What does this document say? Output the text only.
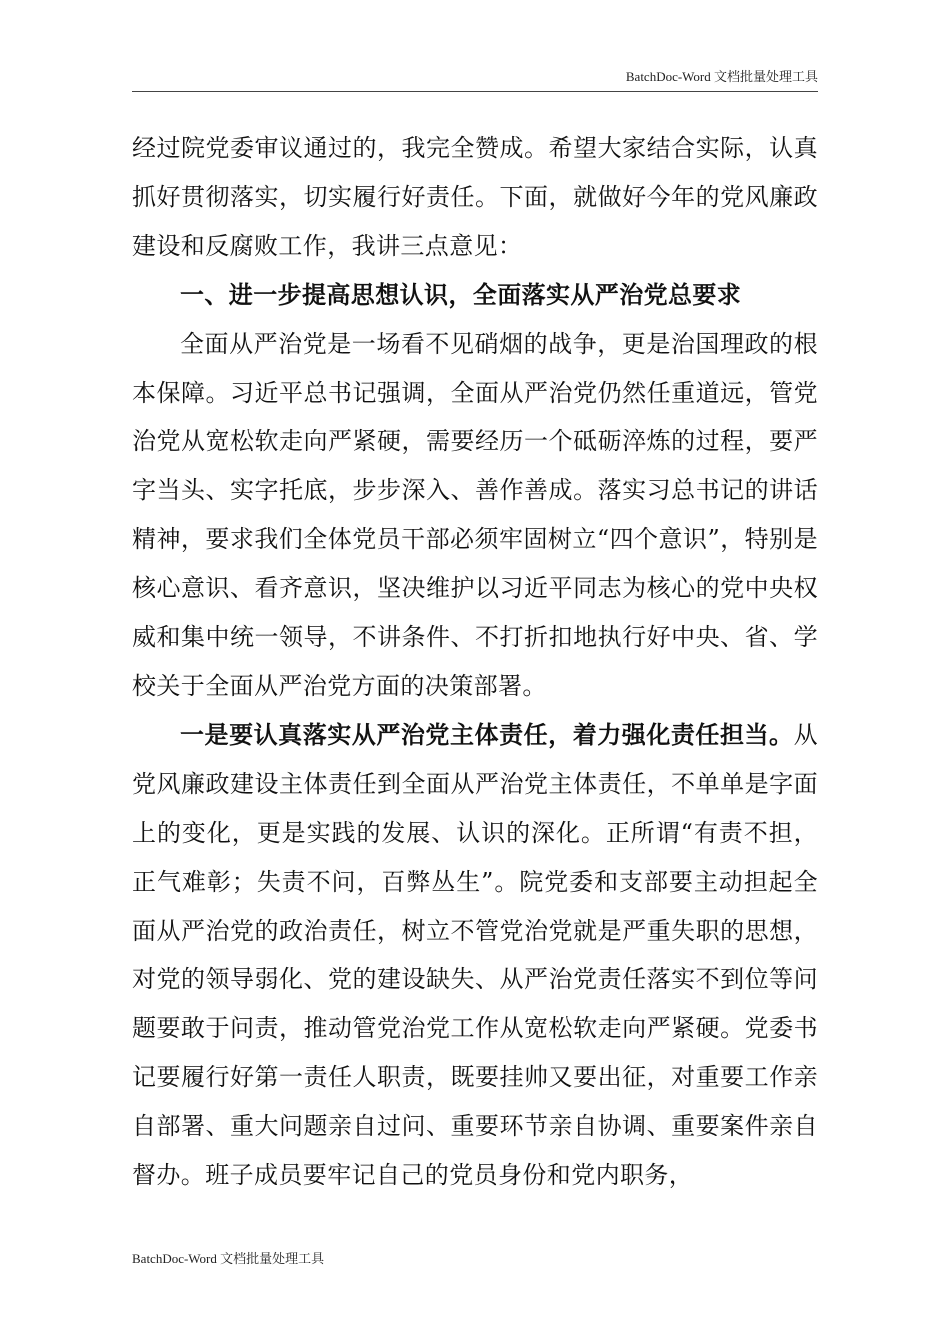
BatchDoc-Word 文档批量处理工具

经过院党委审议通过的，我完全赞成。希望大家结合实际，认真抓好贯彻落实，切实履行好责任。下面，就做好今年的党风廉政建设和反腐败工作，我讲三点意见：

一、进一步提高思想认识，全面落实从严治党总要求

全面从严治党是一场看不见硝烟的战争，更是治国理政的根本保障。习近平总书记强调，全面从严治党仍然任重道远，管党治党从宽松软走向严紧硬，需要经历一个砥砺淬炼的过程，要严字当头、实字托底，步步深入、善作善成。落实习总书记的讲话精神，要求我们全体党员干部必须牢固树立“四个意识”，特别是核心意识、看齐意识，坚决维护以习近平同志为核心的党中央权威和集中统一领导，不讲条件、不打折扣地执行好中央、省、学校关于全面从严治党方面的决策部署。

一是要认真落实从严治党主体责任，着力强化责任担当。从党风廉政建设主体责任到全面从严治党主体责任，不单单是字面上的变化，更是实践的发展、认识的深化。正所谓“有责不担，正气难彰；失责不问，百弊丛生”。院党委和支部要主动担起全面从严治党的政治责任，树立不管党治党就是严重失职的思想，对党的领导弱化、党的建设缺失、从严治党责任落实不到位等问题要敢于问责，推动管党治党工作从宽松软走向严紧硬。党委书记要履行好第一责任人职责，既要挂帅又要出征，对重要工作亲自部署、重大问题亲自过问、重要环节亲自协调、重要案件亲自督办。班子成员要牢记自己的党员身份和党内职务，

BatchDoc-Word 文档批量处理工具
